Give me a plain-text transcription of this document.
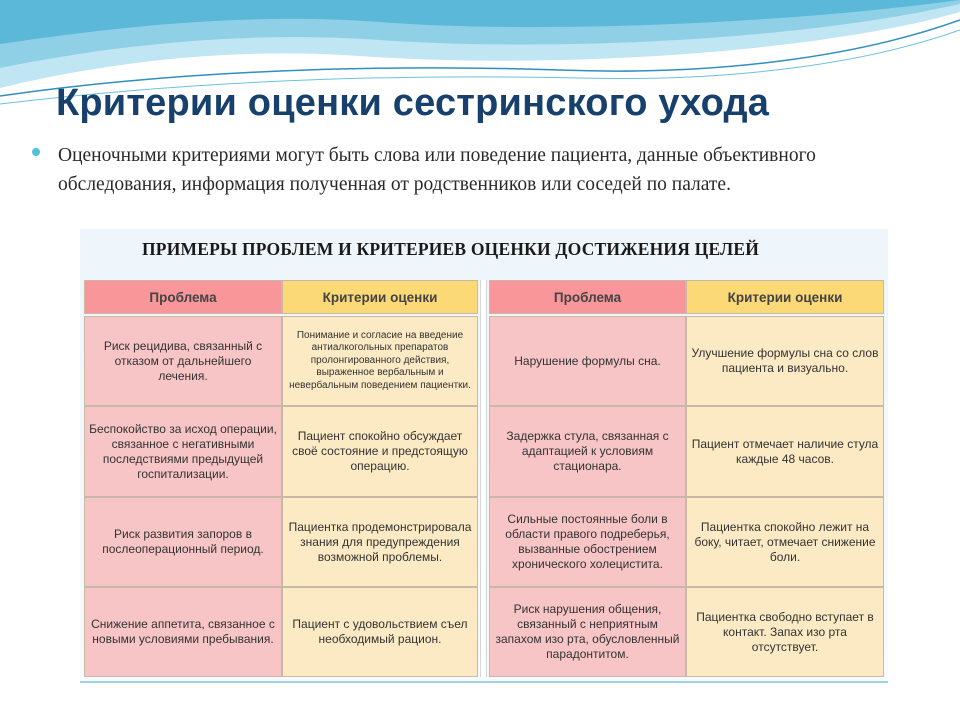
Критерии оценки сестринского ухода

Оценочными критериями могут быть слова или поведение пациента, данные объективного обследования, информация полученная от родственников или соседей по палате.

ПРИМЕРЫ ПРОБЛЕМ И КРИТЕРИЕВ ОЦЕНКИ ДОСТИЖЕНИЯ ЦЕЛЕЙ
Проблема	Критерии оценки
Риск рецидива, связанный с отказом от дальнейшего лечения.
Понимание и согласие на введение антиалкогольных препаратов пролонгированного действия, выраженное вербальным и невербальным поведением пациентки.
Беспокойство за исход операции, связанное с негативными последствиями предыдущей госпитализации.
Пациент спокойно обсуждает своё состояние и предстоящую операцию.
Риск развития запоров в послеоперационный период.
Пациентка продемонстрировала знания для предупреждения возможной проблемы.
Снижение аппетита, связанное с новыми условиями пребывания.
Пациент с удовольствием съел необходимый рацион.
Проблема	Критерии оценки
Нарушение формулы сна.
Улучшение формулы сна со слов пациента и визуально.
Задержка стула, связанная с адаптацией к условиям стационара.
Пациент отмечает наличие стула каждые 48 часов.
Сильные постоянные боли в области правого подреберья, вызванные обострением хронического холецистита.
Пациентка спокойно лежит на боку, читает, отмечает снижение боли.
Риск нарушения общения, связанный с неприятным запахом изо рта, обусловленный парадонтитом.
Пациентка свободно вступает в контакт. Запах изо рта отсутствует.
